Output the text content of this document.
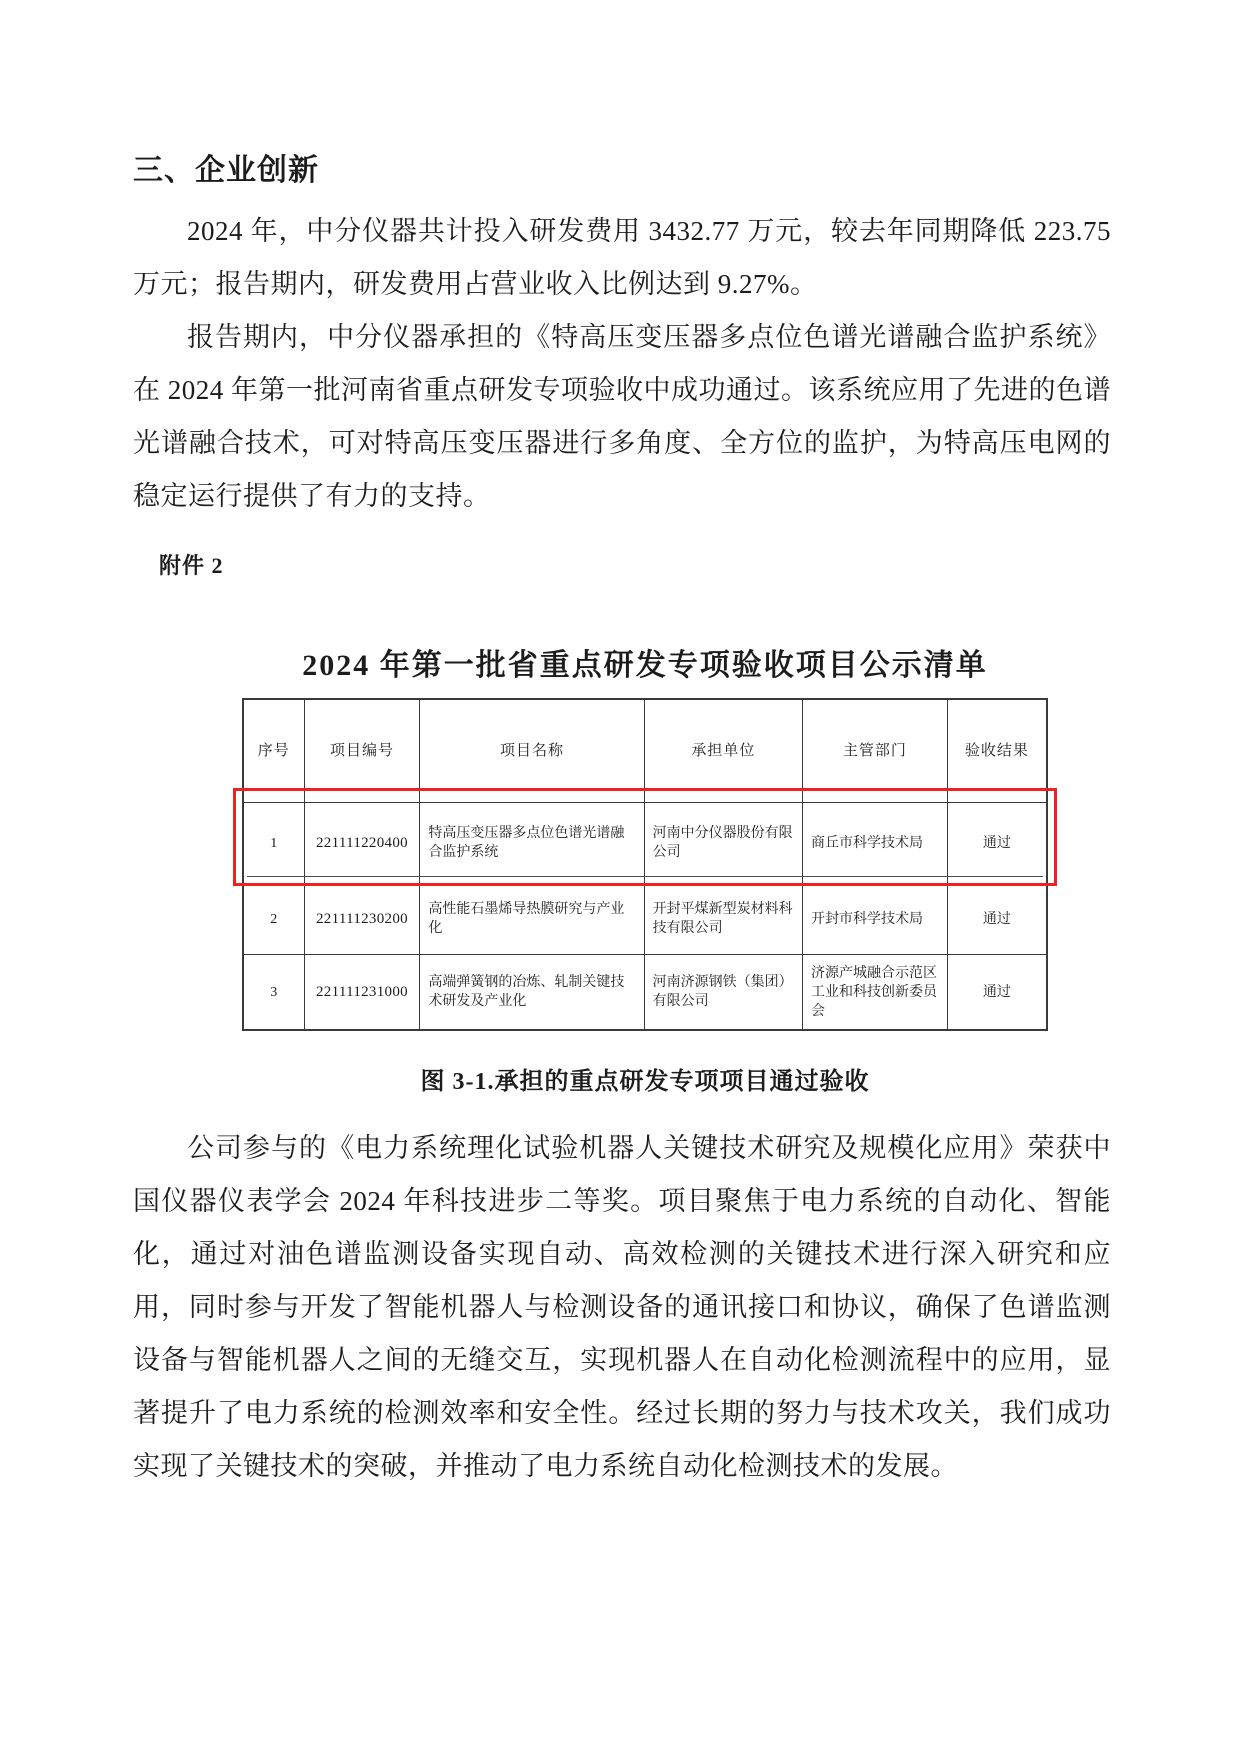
三、企业创新

2024 年，中分仪器共计投入研发费用 3432.77 万元，较去年同期降低 223.75 万元；报告期内，研发费用占营业收入比例达到 9.27%。

报告期内，中分仪器承担的《特高压变压器多点位色谱光谱融合监护系统》在 2024 年第一批河南省重点研发专项验收中成功通过。该系统应用了先进的色谱光谱融合技术，可对特高压变压器进行多角度、全方位的监护，为特高压电网的稳定运行提供了有力的支持。

附件 2
2024 年第一批省重点研发专项验收项目公示清单
序号	项目编号	项目名称	承担单位	主管部门	验收结果
1	221111220400	特高压变压器多点位色谱光谱融合监护系统	河南中分仪器股份有限公司	商丘市科学技术局	通过
2	221111230200	高性能石墨烯导热膜研究与产业化	开封平煤新型炭材料科技有限公司	开封市科学技术局	通过
3	221111231000	高端弹簧钢的冶炼、轧制关键技术研发及产业化	河南济源钢铁（集团）有限公司	济源产城融合示范区工业和科技创新委员会	通过
图 3-1.承担的重点研发专项项目通过验收

公司参与的《电力系统理化试验机器人关键技术研究及规模化应用》荣获中国仪器仪表学会 2024 年科技进步二等奖。项目聚焦于电力系统的自动化、智能化，通过对油色谱监测设备实现自动、高效检测的关键技术进行深入研究和应用，同时参与开发了智能机器人与检测设备的通讯接口和协议，确保了色谱监测设备与智能机器人之间的无缝交互，实现机器人在自动化检测流程中的应用，显著提升了电力系统的检测效率和安全性。经过长期的努力与技术攻关，我们成功实现了关键技术的突破，并推动了电力系统自动化检测技术的发展。
